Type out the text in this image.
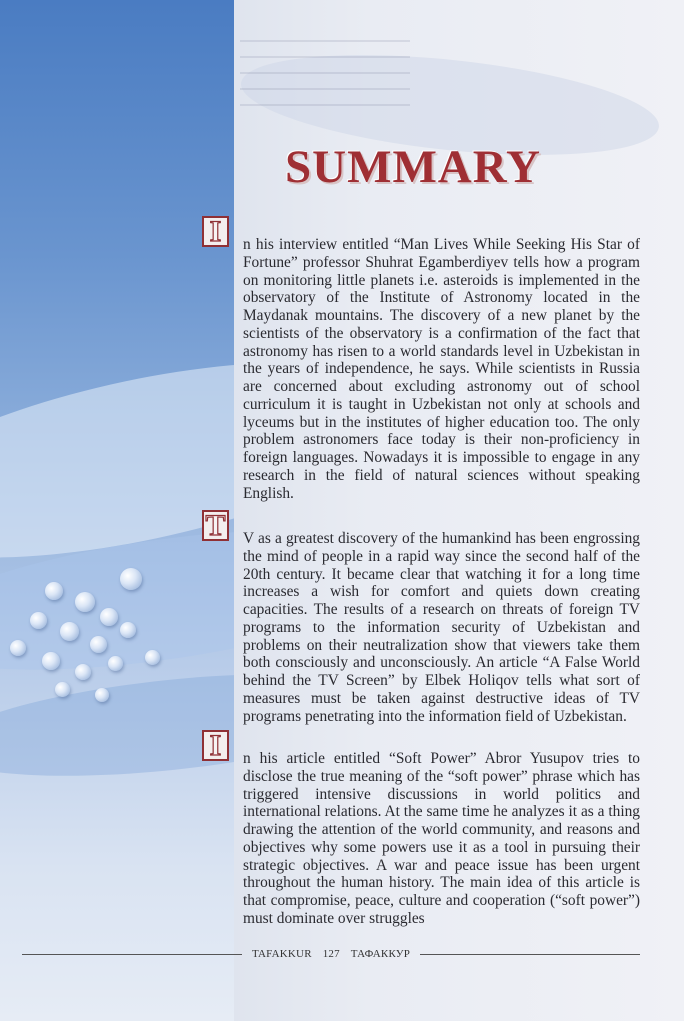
SUMMARY
I n his interview entitled “Man Lives While Seeking His Star of Fortune” professor Shuhrat Egamberdiyev tells how a program on monitoring little planets i.e. asteroids is implemented in the observatory of the Institute of Astronomy located in the Maydanak mountains. The discovery of a new planet by the scientists of the observatory is a confirmation of the fact that astronomy has risen to a world standards level in Uzbekistan in the years of independence, he says. While scientists in Russia are concerned about excluding astronomy out of school curriculum it is taught in Uzbekistan not only at schools and lyceums but in the institutes of higher education too. The only problem astronomers face today is their non-proficiency in foreign languages. Nowadays it is impossible to engage in any research in the field of natural sciences without speaking English.
T V as a greatest discovery of the humankind has been engrossing the mind of people in a rapid way since the second half of the 20th century. It became clear that watching it for a long time increases a wish for comfort and quiets down creating capacities. The results of a research on threats of foreign TV programs to the information security of Uzbekistan and problems on their neutralization show that viewers take them both consciously and unconsciously. An article “A False World behind the TV Screen” by Elbek Holiqov tells what sort of measures must be taken against destructive ideas of TV programs penetrating into the information field of Uzbekistan.
I n his article entitled “Soft Power” Abror Yusupov tries to disclose the true meaning of the “soft power” phrase which has triggered intensive discussions in world politics and international relations. At the same time he analyzes it as a thing drawing the attention of the world community, and reasons and objectives why some powers use it as a tool in pursuing their strategic objectives. A war and peace issue has been urgent throughout the human history. The main idea of this article is that compromise, peace, culture and cooperation (“soft power”) must dominate over struggles
TAFAKKUR 127 ТАФАККУР
